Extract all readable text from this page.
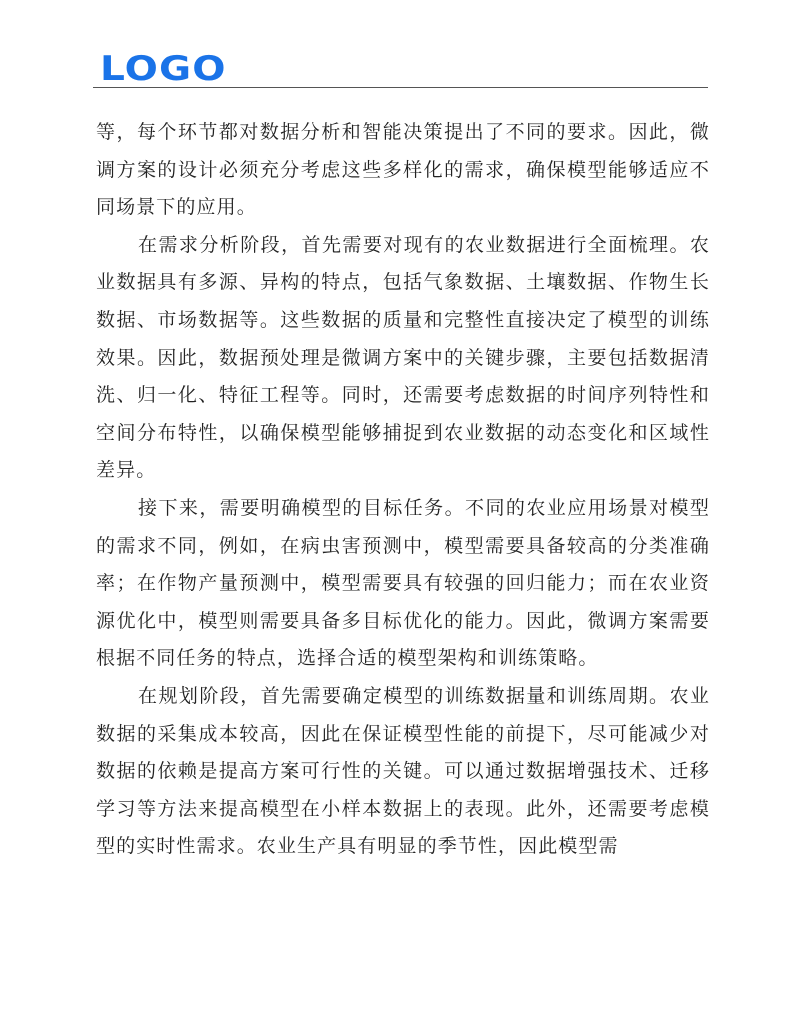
LOGO

等，每个环节都对数据分析和智能决策提出了不同的要求。因此，微调方案的设计必须充分考虑这些多样化的需求，确保模型能够适应不同场景下的应用。

在需求分析阶段，首先需要对现有的农业数据进行全面梳理。农业数据具有多源、异构的特点，包括气象数据、土壤数据、作物生长数据、市场数据等。这些数据的质量和完整性直接决定了模型的训练效果。因此，数据预处理是微调方案中的关键步骤，主要包括数据清洗、归一化、特征工程等。同时，还需要考虑数据的时间序列特性和空间分布特性，以确保模型能够捕捉到农业数据的动态变化和区域性差异。

接下来，需要明确模型的目标任务。不同的农业应用场景对模型的需求不同，例如，在病虫害预测中，模型需要具备较高的分类准确率；在作物产量预测中，模型需要具有较强的回归能力；而在农业资源优化中，模型则需要具备多目标优化的能力。因此，微调方案需要根据不同任务的特点，选择合适的模型架构和训练策略。

在规划阶段，首先需要确定模型的训练数据量和训练周期。农业数据的采集成本较高，因此在保证模型性能的前提下，尽可能减少对数据的依赖是提高方案可行性的关键。可以通过数据增强技术、迁移学习等方法来提高模型在小样本数据上的表现。此外，还需要考虑模型的实时性需求。农业生产具有明显的季节性，因此模型需
